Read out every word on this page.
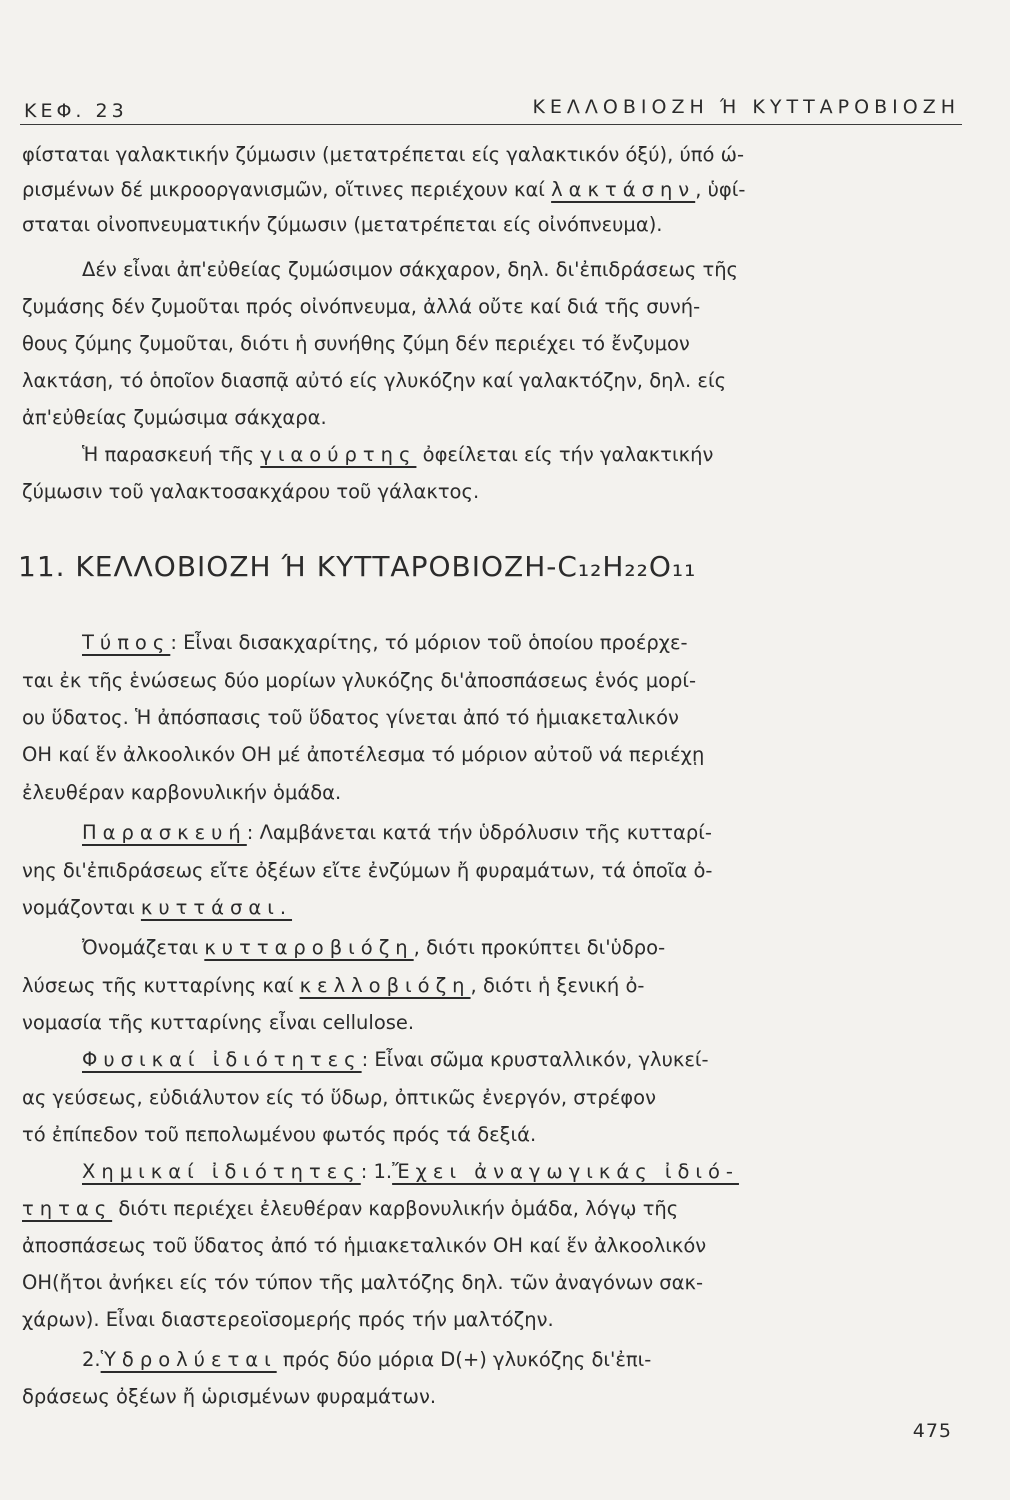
ΚΕΦ. 23	ΚΕΛΛΟΒΙΟΖΗ Ή ΚΥΤΤΑΡΟΒΙΟΖΗ
φίσταται γαλακτικήν ζύμωσιν (μετατρέπεται είς γαλακτικόν όξύ), ύπό ώ-
ρισμένων δέ μικροοργανισμῶν, οἵτινες περιέχουν καί λακτάσην, ὑφί-
σταται οἰνοπνευματικήν ζύμωσιν (μετατρέπεται είς οἰνόπνευμα).
Δέν εἶναι ἀπ'εὐθείας ζυμώσιμον σάκχαρον, δηλ. δι'ἐπιδράσεως τῆς
ζυμάσης δέν ζυμοῦται πρός οἰνόπνευμα, ἀλλά οὔτε καί διά τῆς συνή-
θους ζύμης ζυμοῦται, διότι ἡ συνήθης ζύμη δέν περιέχει τό ἔνζυμον
λακτάση, τό ὁποῖον διασπᾷ αὐτό είς γλυκόζην καί γαλακτόζην, δηλ. είς
ἀπ'εὐθείας ζυμώσιμα σάκχαρα.
Ἡ παρασκευή τῆς γιαούρτης ὀφείλεται είς τήν γαλακτικήν
ζύμωσιν τοῦ γαλακτοσακχάρου τοῦ γάλακτος.
11. ΚΕΛΛΟΒΙΟΖΗ Ή ΚΥΤΤΑΡΟΒΙΟΖΗ-C₁₂H₂₂O₁₁
Τύπος: Εἶναι δισακχαρίτης, τό μόριον τοῦ ὁποίου προέρχε-
ται ἐκ τῆς ἑνώσεως δύο μορίων γλυκόζης δι'ἀποσπάσεως ἑνός μορί-
ου ὕδατος. Ἡ ἀπόσπασις τοῦ ὕδατος γίνεται ἀπό τό ἡμιακεταλικόν
OH καί ἕν ἀλκοολικόν OH μέ ἀποτέλεσμα τό μόριον αὐτοῦ νά περιέχῃ
ἐλευθέραν καρβονυλικήν ὁμάδα.
Παρασκευή: Λαμβάνεται κατά τήν ὑδρόλυσιν τῆς κυτταρί-
νης δι'ἐπιδράσεως εἴτε ὀξέων εἴτε ἐνζύμων ἤ φυραμάτων, τά ὁποῖα ὀ-
νομάζονται κυττάσαι.
Ὀνομάζεται κυτταροβιόζη, διότι προκύπτει δι'ὑδρο-
λύσεως τῆς κυτταρίνης καί κελλοβιόζη, διότι ἡ ξενική ὀ-
νομασία τῆς κυτταρίνης εἶναι cellulose.
Φυσικαί ἰδιότητες: Εἶναι σῶμα κρυσταλλικόν, γλυκεί-
ας γεύσεως, εὐδιάλυτον είς τό ὕδωρ, ὀπτικῶς ἐνεργόν, στρέφον
τό ἐπίπεδον τοῦ πεπολωμένου φωτός πρός τά δεξιά.
Χημικαί ἰδιότητες: 1.Ἔχει ἀναγωγικάς ἰδιό-
τητας διότι περιέχει ἐλευθέραν καρβονυλικήν ὁμάδα, λόγῳ τῆς
ἀποσπάσεως τοῦ ὕδατος ἀπό τό ἡμιακεταλικόν OH καί ἕν ἀλκοολικόν
OH(ἤτοι ἀνήκει είς τόν τύπον τῆς μαλτόζης δηλ. τῶν ἀναγόνων σακ-
χάρων). Εἶναι διαστερεοϊσομερής πρός τήν μαλτόζην.
2.Ὑδρολύεται πρός δύο μόρια D(+) γλυκόζης δι'ἐπι-
δράσεως ὀξέων ἤ ὡρισμένων φυραμάτων.
475
